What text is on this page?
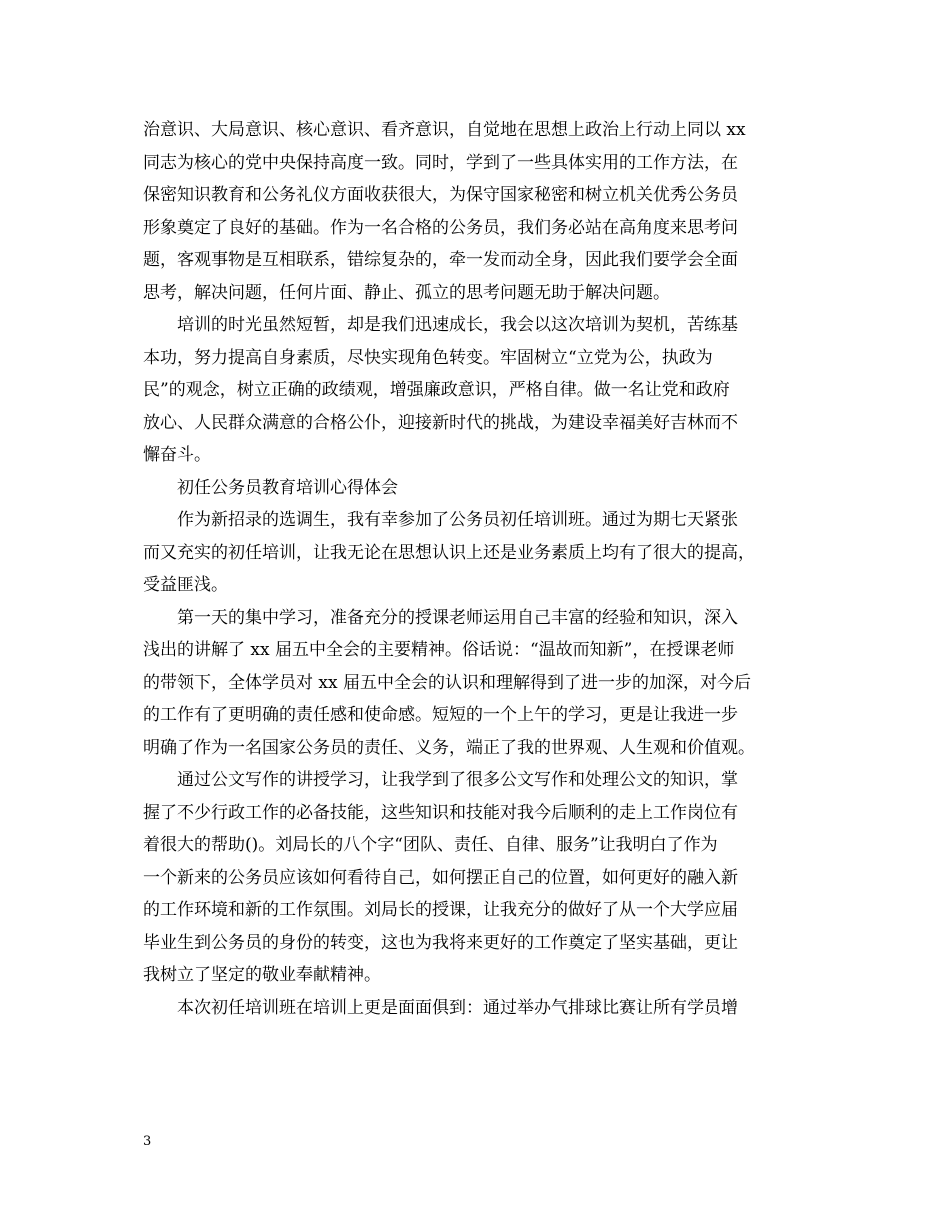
治意识、大局意识、核心意识、看齐意识，自觉地在思想上政治上行动上同以 xx
同志为核心的党中央保持高度一致。同时，学到了一些具体实用的工作方法，在
保密知识教育和公务礼仪方面收获很大，为保守国家秘密和树立机关优秀公务员
形象奠定了良好的基础。作为一名合格的公务员，我们务必站在高角度来思考问
题，客观事物是互相联系，错综复杂的，牵一发而动全身，因此我们要学会全面
思考，解决问题，任何片面、静止、孤立的思考问题无助于解决问题。
培训的时光虽然短暂，却是我们迅速成长，我会以这次培训为契机，苦练基
本功，努力提高自身素质，尽快实现角色转变。牢固树立“立党为公，执政为
民”的观念，树立正确的政绩观，增强廉政意识，严格自律。做一名让党和政府
放心、人民群众满意的合格公仆，迎接新时代的挑战，为建设幸福美好吉林而不
懈奋斗。
初任公务员教育培训心得体会
作为新招录的选调生，我有幸参加了公务员初任培训班。通过为期七天紧张
而又充实的初任培训，让我无论在思想认识上还是业务素质上均有了很大的提高，
受益匪浅。
第一天的集中学习，准备充分的授课老师运用自己丰富的经验和知识，深入
浅出的讲解了 xx 届五中全会的主要精神。俗话说：“温故而知新”，在授课老师
的带领下，全体学员对 xx 届五中全会的认识和理解得到了进一步的加深，对今后
的工作有了更明确的责任感和使命感。短短的一个上午的学习，更是让我进一步
明确了作为一名国家公务员的责任、义务，端正了我的世界观、人生观和价值观。
通过公文写作的讲授学习，让我学到了很多公文写作和处理公文的知识，掌
握了不少行政工作的必备技能，这些知识和技能对我今后顺利的走上工作岗位有
着很大的帮助()。刘局长的八个字“团队、责任、自律、服务”让我明白了作为
一个新来的公务员应该如何看待自己，如何摆正自己的位置，如何更好的融入新
的工作环境和新的工作氛围。刘局长的授课，让我充分的做好了从一个大学应届
毕业生到公务员的身份的转变，这也为我将来更好的工作奠定了坚实基础，更让
我树立了坚定的敬业奉献精神。
本次初任培训班在培训上更是面面俱到：通过举办气排球比赛让所有学员增
3
